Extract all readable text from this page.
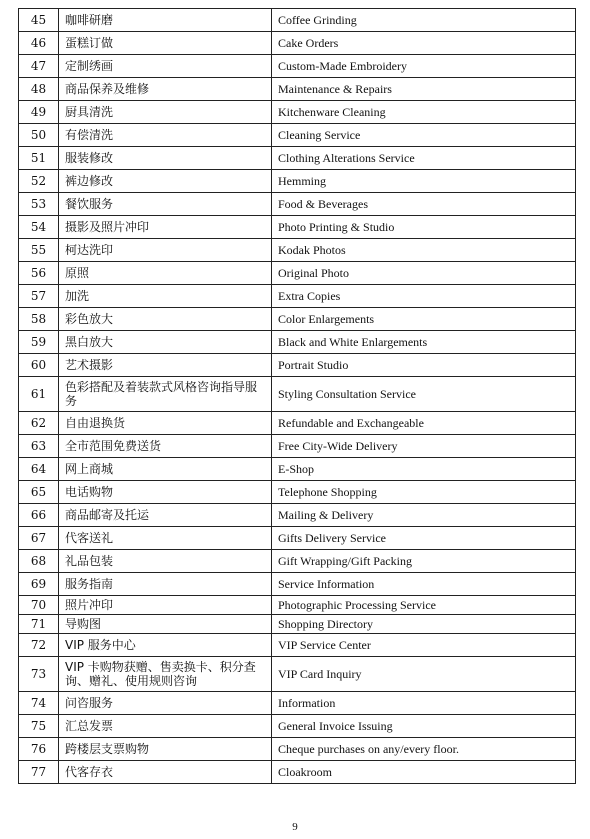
45	咖啡研磨	Coffee Grinding
46	蛋糕订做	Cake Orders
47	定制绣画	Custom-Made Embroidery
48	商品保养及维修	Maintenance & Repairs
49	厨具清洗	Kitchenware Cleaning
50	有偿清洗	Cleaning Service
51	服装修改	Clothing Alterations Service
52	裤边修改	Hemming
53	餐饮服务	Food & Beverages
54	摄影及照片冲印	Photo Printing & Studio
55	柯达洗印	Kodak Photos
56	原照	Original Photo
57	加洗	Extra Copies
58	彩色放大	Color Enlargements
59	黑白放大	Black and White Enlargements
60	艺术摄影	Portrait Studio
61	色彩搭配及着装款式风格咨询指导服务	Styling Consultation Service
62	自由退换货	Refundable and Exchangeable
63	全市范围免费送货	Free City-Wide Delivery
64	网上商城	E-Shop
65	电话购物	Telephone Shopping
66	商品邮寄及托运	Mailing & Delivery
67	代客送礼	Gifts Delivery Service
68	礼品包装	Gift Wrapping/Gift Packing
69	服务指南	Service Information
70	照片冲印	Photographic Processing Service
71	导购图	Shopping Directory
72	VIP 服务中心	VIP Service Center
73	VIP 卡购物获赠、售卖换卡、积分查询、赠礼、使用规则咨询	VIP Card Inquiry
74	问咨服务	Information
75	汇总发票	General Invoice Issuing
76	跨楼层支票购物	Cheque purchases on any/every floor.
77	代客存衣	Cloakroom
9
